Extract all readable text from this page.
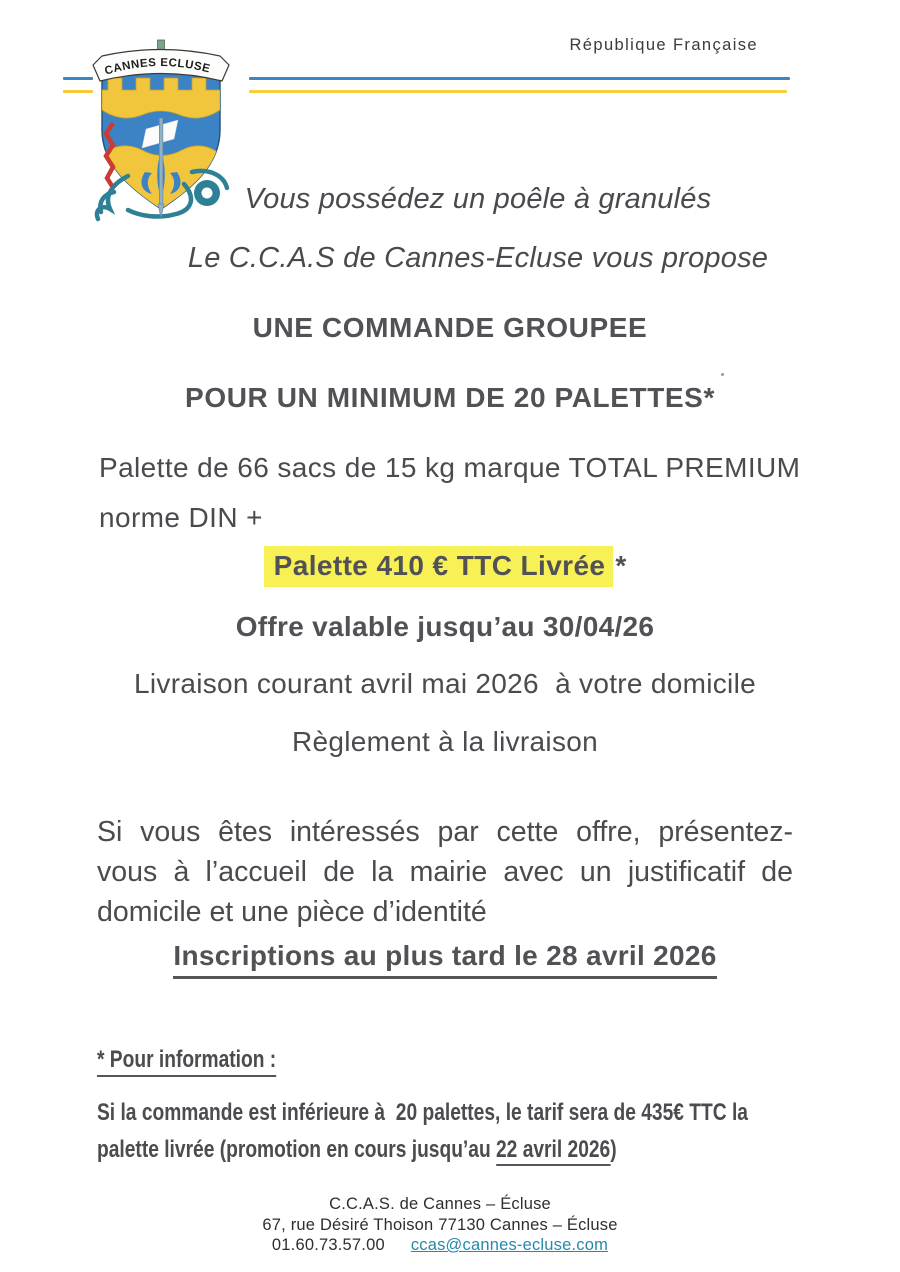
République Française
CANNES ECLUSE
Vous possédez un poêle à granulés
Le C.C.A.S de Cannes-Ecluse vous propose
UNE COMMANDE GROUPEE
POUR UN MINIMUM DE 20 PALETTES*
Palette de 66 sacs de 15 kg marque TOTAL PREMIUM
norme DIN +
Palette 410 € TTC Livrée *
Offre valable jusqu’au 30/04/26
Livraison courant avril mai 2026  à votre domicile
Règlement à la livraison
Si vous êtes intéressés par cette offre, présentez-
vous à l’accueil de la mairie avec un justificatif de
domicile et une pièce d’identité
Inscriptions au plus tard le 28 avril 2026
* Pour information :
Si la commande est inférieure à  20 palettes, le tarif sera de 435€ TTC la
palette livrée (promotion en cours jusqu’au 22 avril 2026)
C.C.A.S. de Cannes – Écluse
67, rue Désiré Thoison 77130 Cannes – Écluse
01.60.73.57.00 ccas@cannes-ecluse.com
